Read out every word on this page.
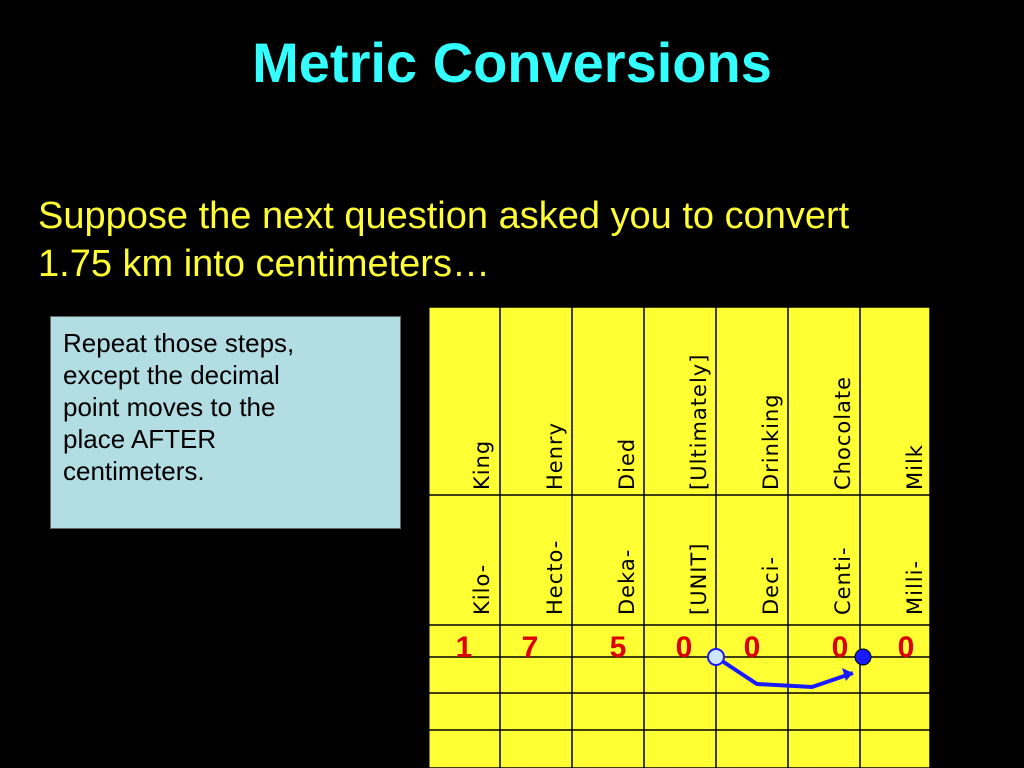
Metric Conversions
Suppose the next question asked you to convert
1.75 km into centimeters…
Repeat those steps,
except the decimal
point moves to the
place AFTER
centimeters.	King Henry Died [Ultimately] Drinking Chocolate Milk
Kilo- Hecto- Deka- [UNIT] Deci- Centi- Milli-
1 7 5 0 0 0 0
